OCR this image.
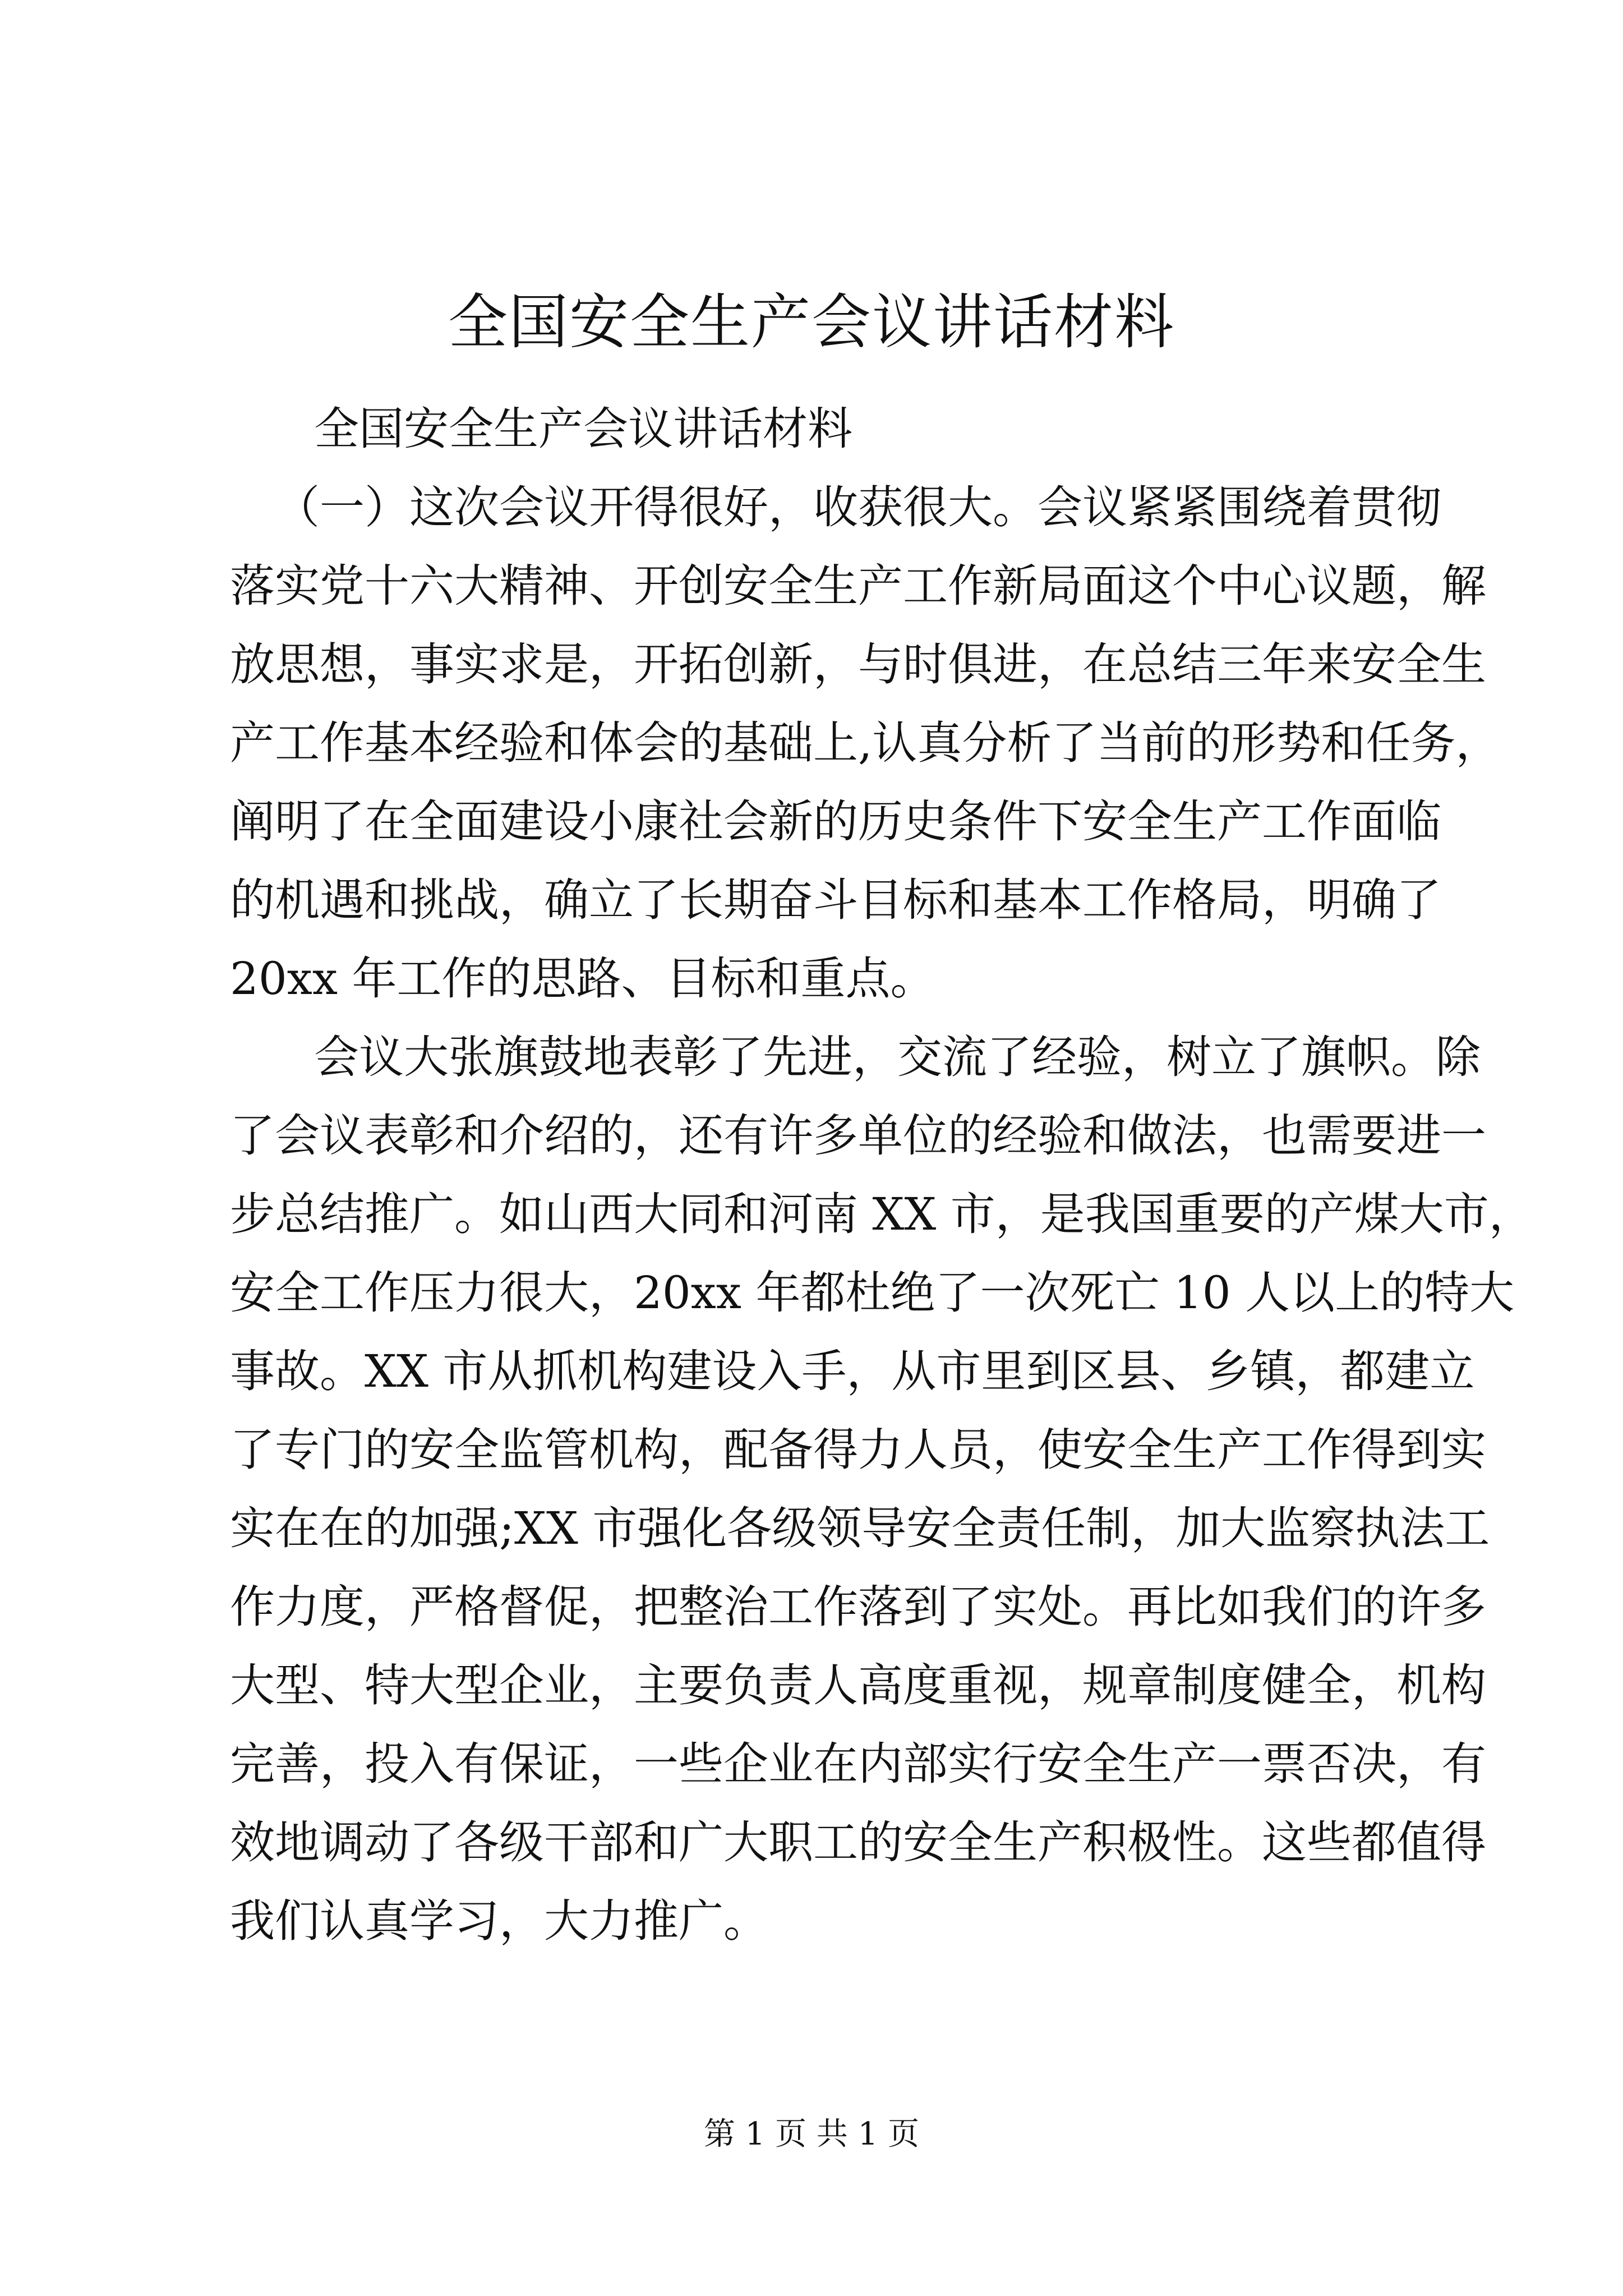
全国安全生产会议讲话材料
全国安全生产会议讲话材料
（一）这次会议开得很好，收获很大。会议紧紧围绕着贯彻
落实党十六大精神、开创安全生产工作新局面这个中心议题，解
放思想，事实求是，开拓创新，与时俱进，在总结三年来安全生
产工作基本经验和体会的基础上,认真分析了当前的形势和任务，
阐明了在全面建设小康社会新的历史条件下安全生产工作面临
的机遇和挑战，确立了长期奋斗目标和基本工作格局，明确了
20xx 年工作的思路、目标和重点。
会议大张旗鼓地表彰了先进，交流了经验，树立了旗帜。除
了会议表彰和介绍的，还有许多单位的经验和做法，也需要进一
步总结推广。如山西大同和河南 XX 市，是我国重要的产煤大市，
安全工作压力很大，20xx 年都杜绝了一次死亡 10 人以上的特大
事故。XX 市从抓机构建设入手，从市里到区县、乡镇，都建立
了专门的安全监管机构，配备得力人员，使安全生产工作得到实
实在在的加强;XX 市强化各级领导安全责任制，加大监察执法工
作力度，严格督促，把整治工作落到了实处。再比如我们的许多
大型、特大型企业，主要负责人高度重视，规章制度健全，机构
完善，投入有保证，一些企业在内部实行安全生产一票否决，有
效地调动了各级干部和广大职工的安全生产积极性。这些都值得
我们认真学习，大力推广。
第 1 页 共 1 页
